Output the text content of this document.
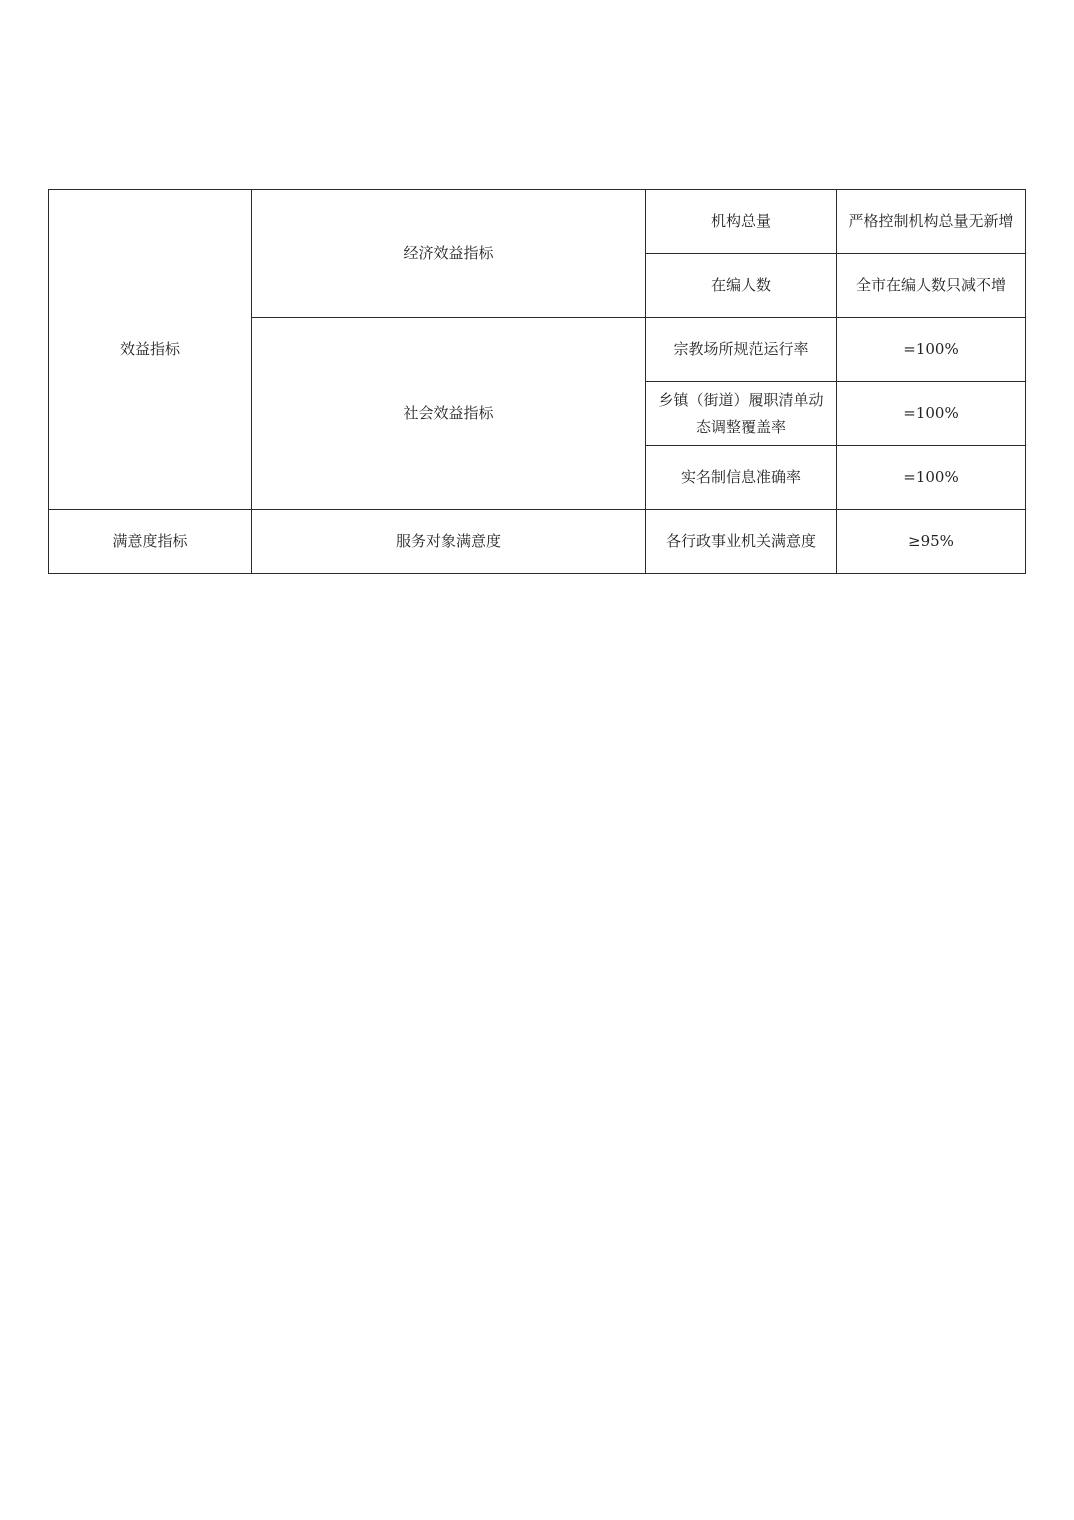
效益指标	经济效益指标	机构总量	严格控制机构总量无新增
		在编人数	全市在编人数只减不增
	社会效益指标	宗教场所规范运行率	=100%
		乡镇（街道）履职清单动态调整覆盖率	=100%
		实名制信息准确率	=100%
满意度指标	服务对象满意度	各行政事业机关满意度	≥95%
